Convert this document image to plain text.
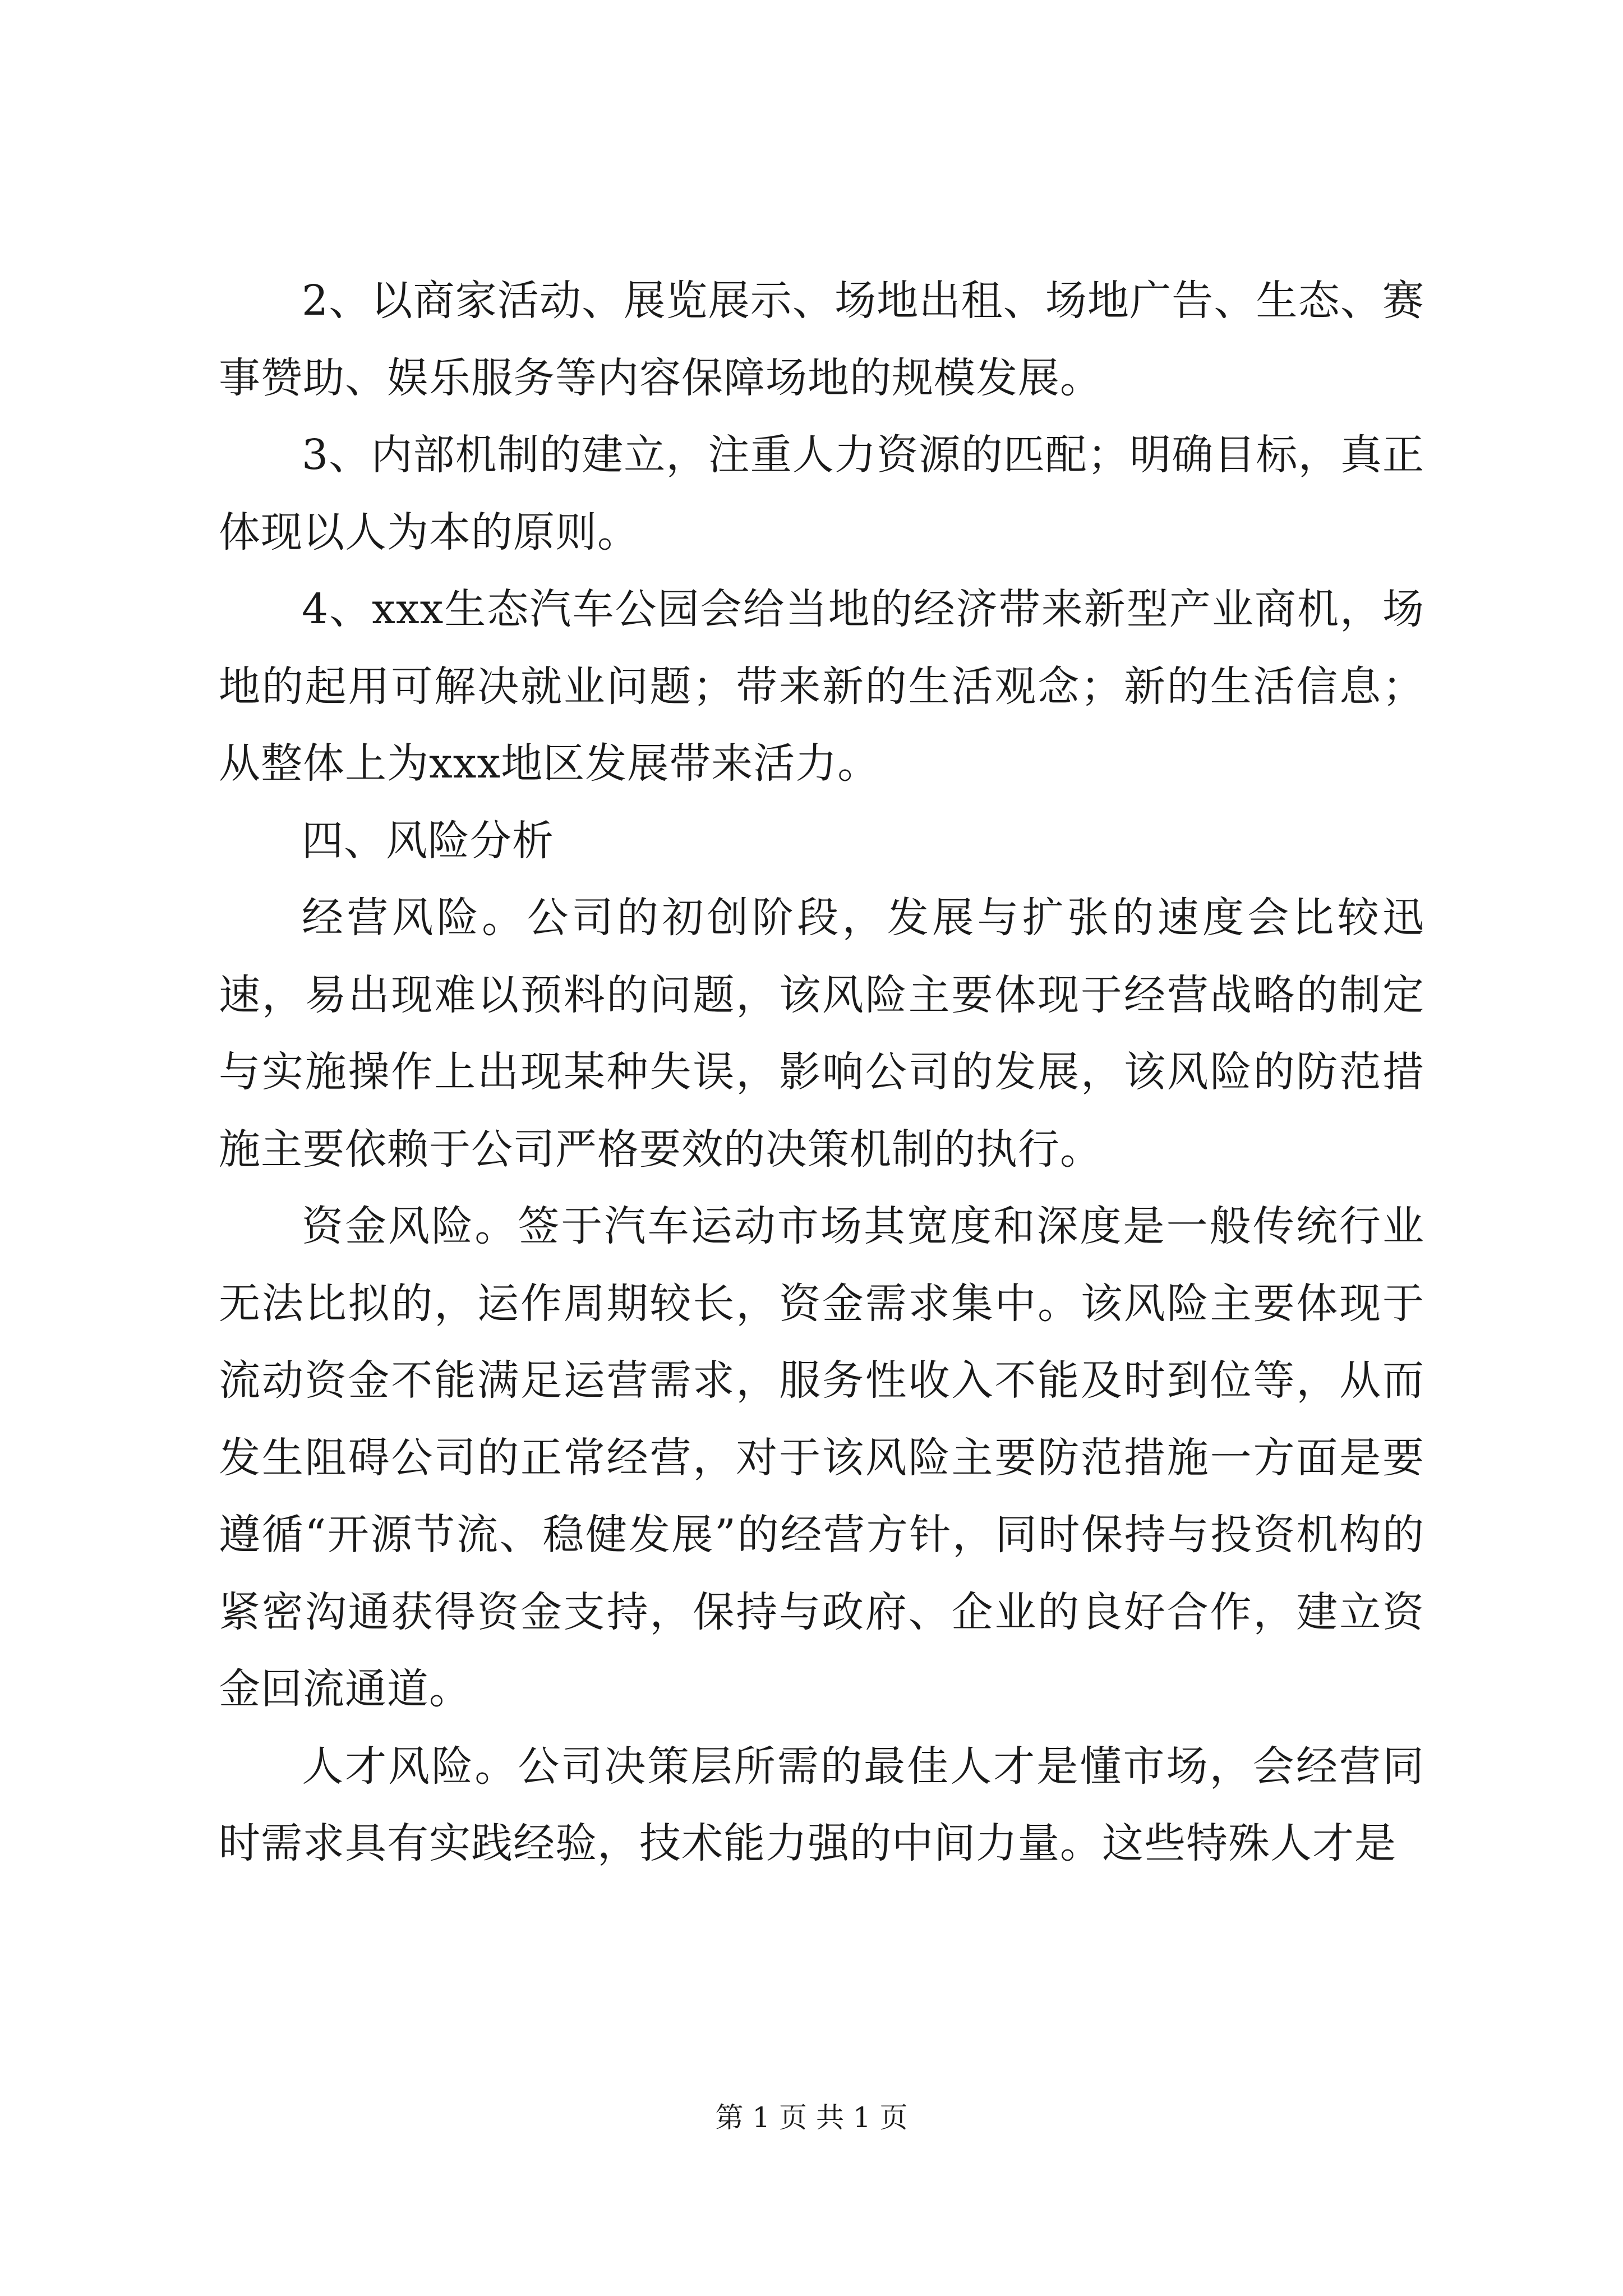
2、以商家活动、展览展示、场地出租、场地广告、生态、赛事赞助、娱乐服务等内容保障场地的规模发展。

3、内部机制的建立，注重人力资源的匹配；明确目标，真正体现以人为本的原则。

4、xxx生态汽车公园会给当地的经济带来新型产业商机，场地的起用可解决就业问题；带来新的生活观念；新的生活信息；从整体上为xxx地区发展带来活力。

四、风险分析

经营风险。公司的初创阶段，发展与扩张的速度会比较迅速，易出现难以预料的问题，该风险主要体现于经营战略的制定与实施操作上出现某种失误，影响公司的发展，该风险的防范措施主要依赖于公司严格要效的决策机制的执行。

资金风险。签于汽车运动市场其宽度和深度是一般传统行业无法比拟的，运作周期较长，资金需求集中。该风险主要体现于流动资金不能满足运营需求，服务性收入不能及时到位等，从而发生阻碍公司的正常经营，对于该风险主要防范措施一方面是要遵循“开源节流、稳健发展”的经营方针，同时保持与投资机构的紧密沟通获得资金支持，保持与政府、企业的良好合作，建立资金回流通道。

人才风险。公司决策层所需的最佳人才是懂市场，会经营同时需求具有实践经验，技术能力强的中间力量。这些特殊人才是

第 1 页 共 1 页
